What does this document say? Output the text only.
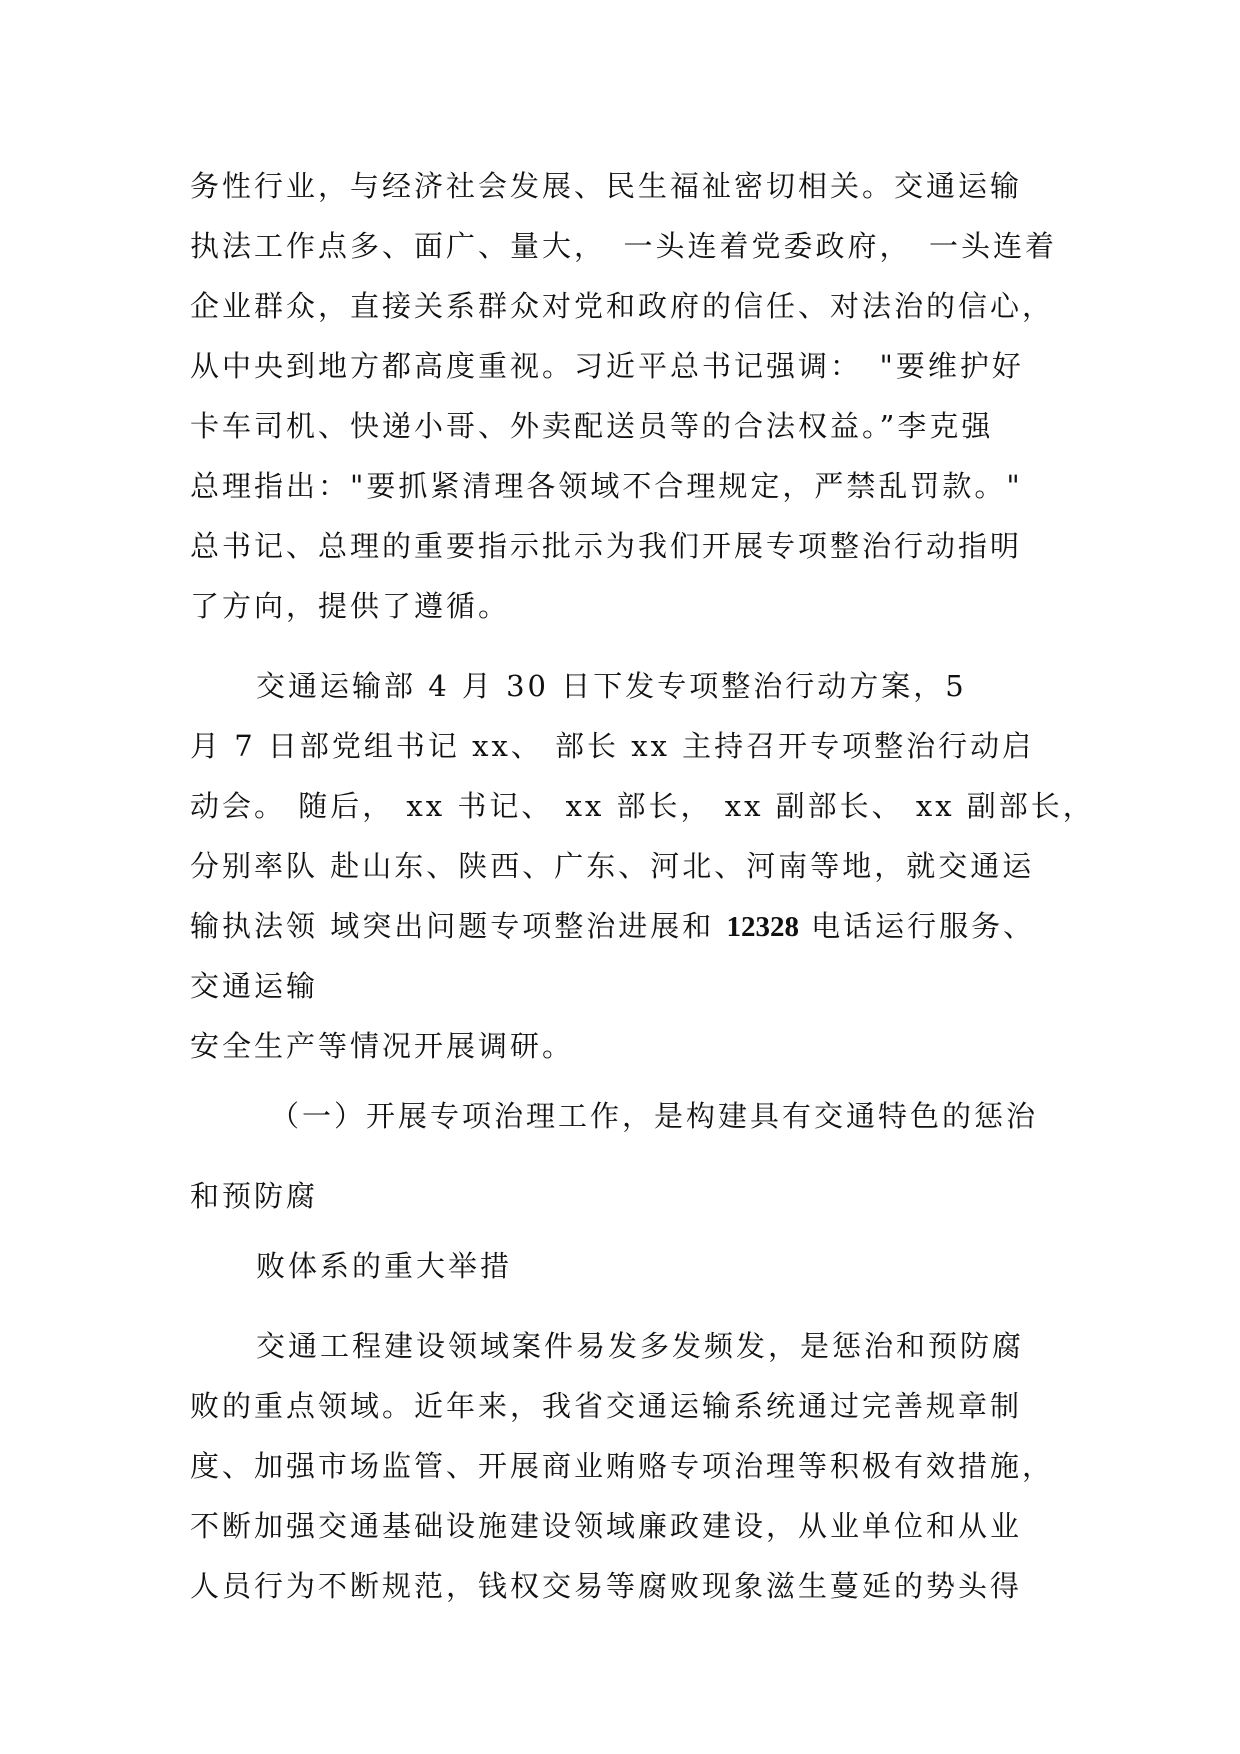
务性行业，与经济社会发展、民生福祉密切相关。交通运输
执法工作点多、面广、量大，　一头连着党委政府，　一头连着
企业群众，直接关系群众对党和政府的信任、对法治的信心，
从中央到地方都高度重视。习近平总书记强调：　"要维护好
卡车司机、快递小哥、外卖配送员等的合法权益。”李克强
总理指出："要抓紧清理各领域不合理规定，严禁乱罚款。"
总书记、总理的重要指示批示为我们开展专项整治行动指明
了方向，提供了遵循。
交通运输部 4 月 30 日下发专项整治行动方案，5
月 7 日部党组书记 xx、 部长 xx 主持召开专项整治行动启
动会。 随后， xx 书记、 xx 部长， xx 副部长、 xx 副部长，
分别率队 赴山东、陕西、广东、河北、河南等地，就交通运
输执法领 域突出问题专项整治进展和 12328 电话运行服务、
交通运输
安全生产等情况开展调研。
（一）开展专项治理工作，是构建具有交通特色的惩治
和预防腐
败体系的重大举措
交通工程建设领域案件易发多发频发，是惩治和预防腐
败的重点领域。近年来，我省交通运输系统通过完善规章制
度、加强市场监管、开展商业贿赂专项治理等积极有效措施，
不断加强交通基础设施建设领域廉政建设，从业单位和从业
人员行为不断规范，钱权交易等腐败现象滋生蔓延的势头得
